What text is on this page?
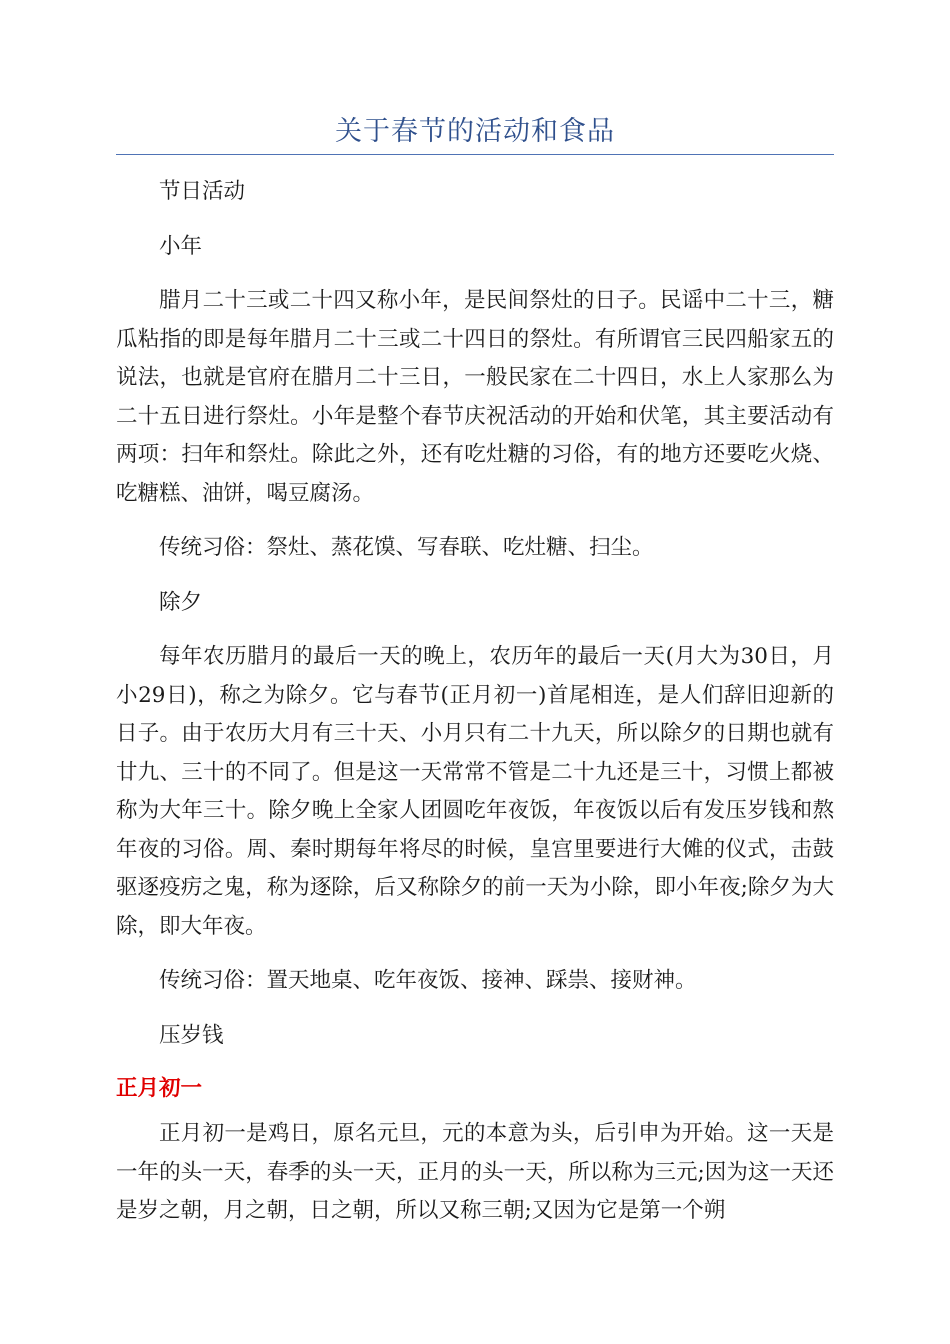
关于春节的活动和食品

节日活动

小年

腊月二十三或二十四又称小年，是民间祭灶的日子。民谣中二十三，糖瓜粘指的即是每年腊月二十三或二十四日的祭灶。有所谓官三民四船家五的说法，也就是官府在腊月二十三日，一般民家在二十四日，水上人家那么为二十五日进行祭灶。小年是整个春节庆祝活动的开始和伏笔，其主要活动有两项：扫年和祭灶。除此之外，还有吃灶糖的习俗，有的地方还要吃火烧、吃糖糕、油饼，喝豆腐汤。

传统习俗：祭灶、蒸花馍、写春联、吃灶糖、扫尘。

除夕

每年农历腊月的最后一天的晚上，农历年的最后一天(月大为30日，月小29日)，称之为除夕。它与春节(正月初一)首尾相连，是人们辞旧迎新的日子。由于农历大月有三十天、小月只有二十九天，所以除夕的日期也就有廿九、三十的不同了。但是这一天常常不管是二十九还是三十，习惯上都被称为大年三十。除夕晚上全家人团圆吃年夜饭，年夜饭以后有发压岁钱和熬年夜的习俗。周、秦时期每年将尽的时候，皇宫里要进行大傩的仪式，击鼓驱逐疫疠之鬼，称为逐除，后又称除夕的前一天为小除，即小年夜;除夕为大除，即大年夜。

传统习俗：置天地桌、吃年夜饭、接神、踩祟、接财神。

压岁钱

正月初一

正月初一是鸡日，原名元旦，元的本意为头，后引申为开始。这一天是一年的头一天，春季的头一天，正月的头一天，所以称为三元;因为这一天还是岁之朝，月之朝，日之朝，所以又称三朝;又因为它是第一个朔
